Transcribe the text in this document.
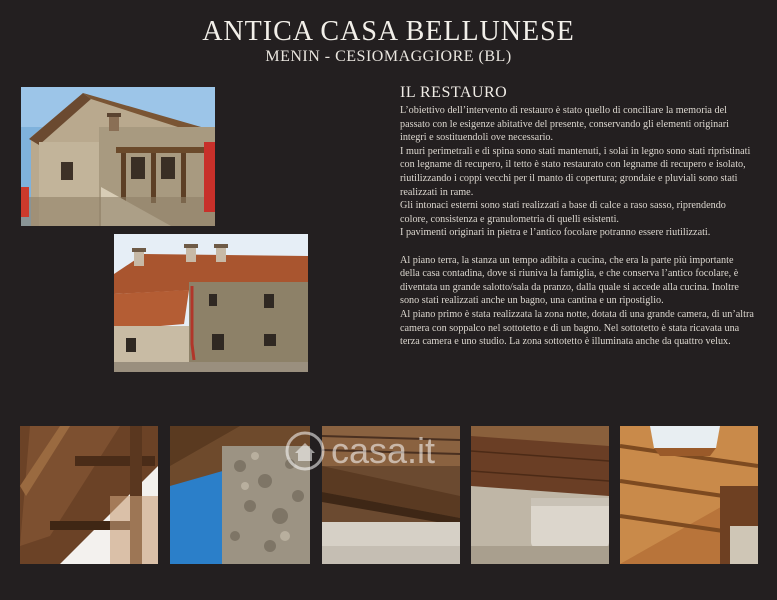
ANTICA CASA BELLUNESE
MENIN - CESIOMAGGIORE (BL)
IL RESTAURO

L’obiettivo dell’intervento di restauro è stato quello di conciliare la memoria del passato con le esigenze abitative del presente, conservando gli elementi originari integri e sostituendoli ove necessario.

I muri perimetrali e di spina sono stati mantenuti, i solai in legno sono stati ripristinati con legname di recupero, il tetto è stato restaurato con legname di recupero e isolato, riutilizzando i coppi vecchi per il manto di copertura; grondaie e pluviali sono stati realizzati in rame.

Gli intonaci esterni sono stati realizzati a base di calce a raso sasso, riprendendo colore, consistenza e granulometria di quelli esistenti.

I pavimenti originari in pietra e l’antico focolare potranno essere riutilizzati.

Al piano terra, la stanza un tempo adibita a cucina, che era la parte più importante della casa contadina, dove si riuniva la famiglia, e che conserva l’antico focolare, è diventata un grande salotto/sala da pranzo, dalla quale si accede alla cucina. Inoltre sono stati realizzati anche un bagno, una cantina e un ripostiglio.

Al piano primo è stata realizzata la zona notte, dotata di una grande camera, di un’altra camera con soppalco nel sottotetto e di un bagno. Nel sottotetto è stata ricavata una terza camera e uno studio. La zona sottotetto è illuminata anche da quattro velux.

casa.it
